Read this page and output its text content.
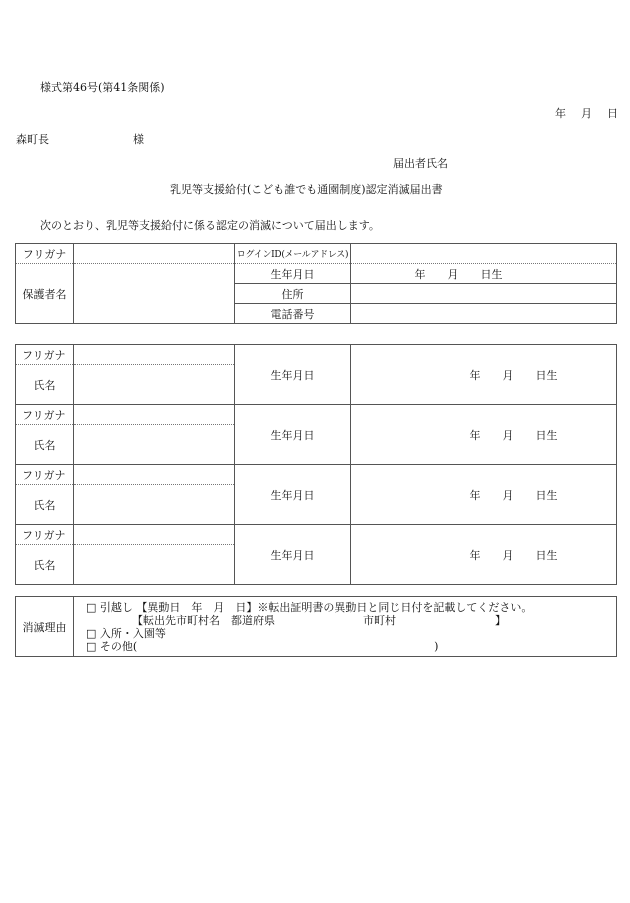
様式第46号(第41条関係)
年　月　日
森町長	様
届出者氏名
乳児等支援給付(こども誰でも通園制度)認定消滅届出書
次のとおり、乳児等支援給付に係る認定の消滅について届出します。
フリガナ		ログインID(メールアドレス)	
保護者名		生年月日	年　　月　　日生
		住所	
		電話番号	
フリガナ		生年月日	年　　月　　日生
氏名			
フリガナ		生年月日	年　　月　　日生
氏名			
フリガナ		生年月日	年　　月　　日生
氏名			
フリガナ		生年月日	年　　月　　日生
氏名			
消滅理由	
□ 引越し 【異動日　年　月　日】※転出証明書の異動日と同じ日付を記載してください。
【転出先市町村名　都道府県　　　　　　　　市町村　　　　　　　　　】
□ 入所・入園等
□ その他(　　　　　　　　　　　　　　　　　　　　　　　　　　　)
